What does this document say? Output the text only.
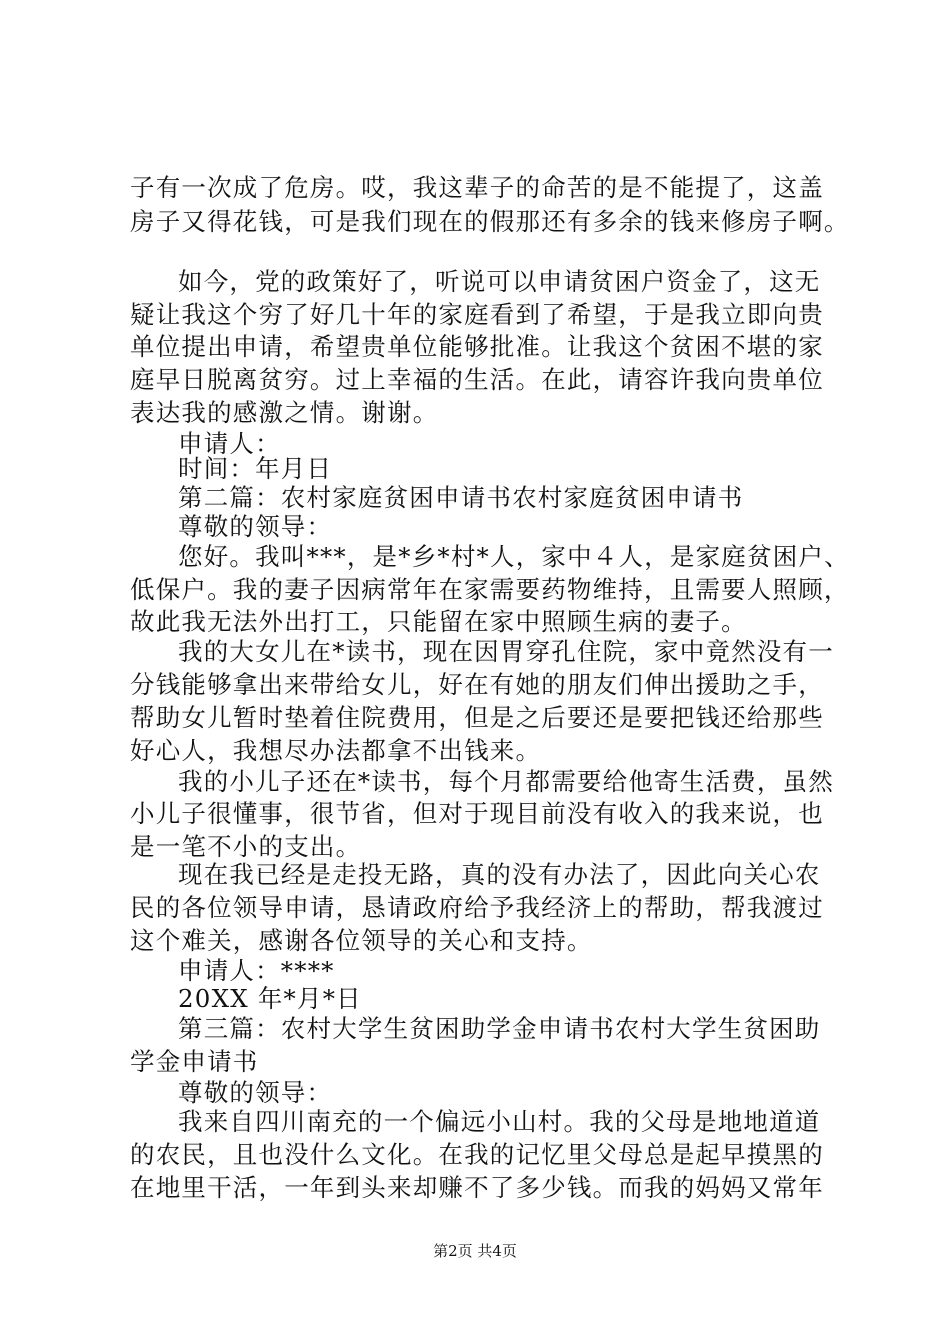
子有一次成了危房。哎，我这辈子的命苦的是不能提了，这盖
房子又得花钱，可是我们现在的假那还有多余的钱来修房子啊。
如今，党的政策好了，听说可以申请贫困户资金了，这无
疑让我这个穷了好几十年的家庭看到了希望，于是我立即向贵
单位提出申请，希望贵单位能够批准。让我这个贫困不堪的家
庭早日脱离贫穷。过上幸福的生活。在此，请容许我向贵单位
表达我的感激之情。谢谢。
申请人：
时间：年月日
第二篇：农村家庭贫困申请书农村家庭贫困申请书
尊敬的领导：
您好。我叫***，是*乡*村*人，家中４人，是家庭贫困户、
低保户。我的妻子因病常年在家需要药物维持，且需要人照顾，
故此我无法外出打工，只能留在家中照顾生病的妻子。
我的大女儿在*读书，现在因胃穿孔住院，家中竟然没有一
分钱能够拿出来带给女儿，好在有她的朋友们伸出援助之手，
帮助女儿暂时垫着住院费用，但是之后要还是要把钱还给那些
好心人，我想尽办法都拿不出钱来。
我的小儿子还在*读书，每个月都需要给他寄生活费，虽然
小儿子很懂事，很节省，但对于现目前没有收入的我来说，也
是一笔不小的支出。
现在我已经是走投无路，真的没有办法了，因此向关心农
民的各位领导申请，恳请政府给予我经济上的帮助，帮我渡过
这个难关，感谢各位领导的关心和支持。
申请人：****
20XX 年*月*日
第三篇：农村大学生贫困助学金申请书农村大学生贫困助
学金申请书
尊敬的领导：
我来自四川南充的一个偏远小山村。我的父母是地地道道
的农民，且也没什么文化。在我的记忆里父母总是起早摸黑的
在地里干活，一年到头来却赚不了多少钱。而我的妈妈又常年
第2页 共4页
